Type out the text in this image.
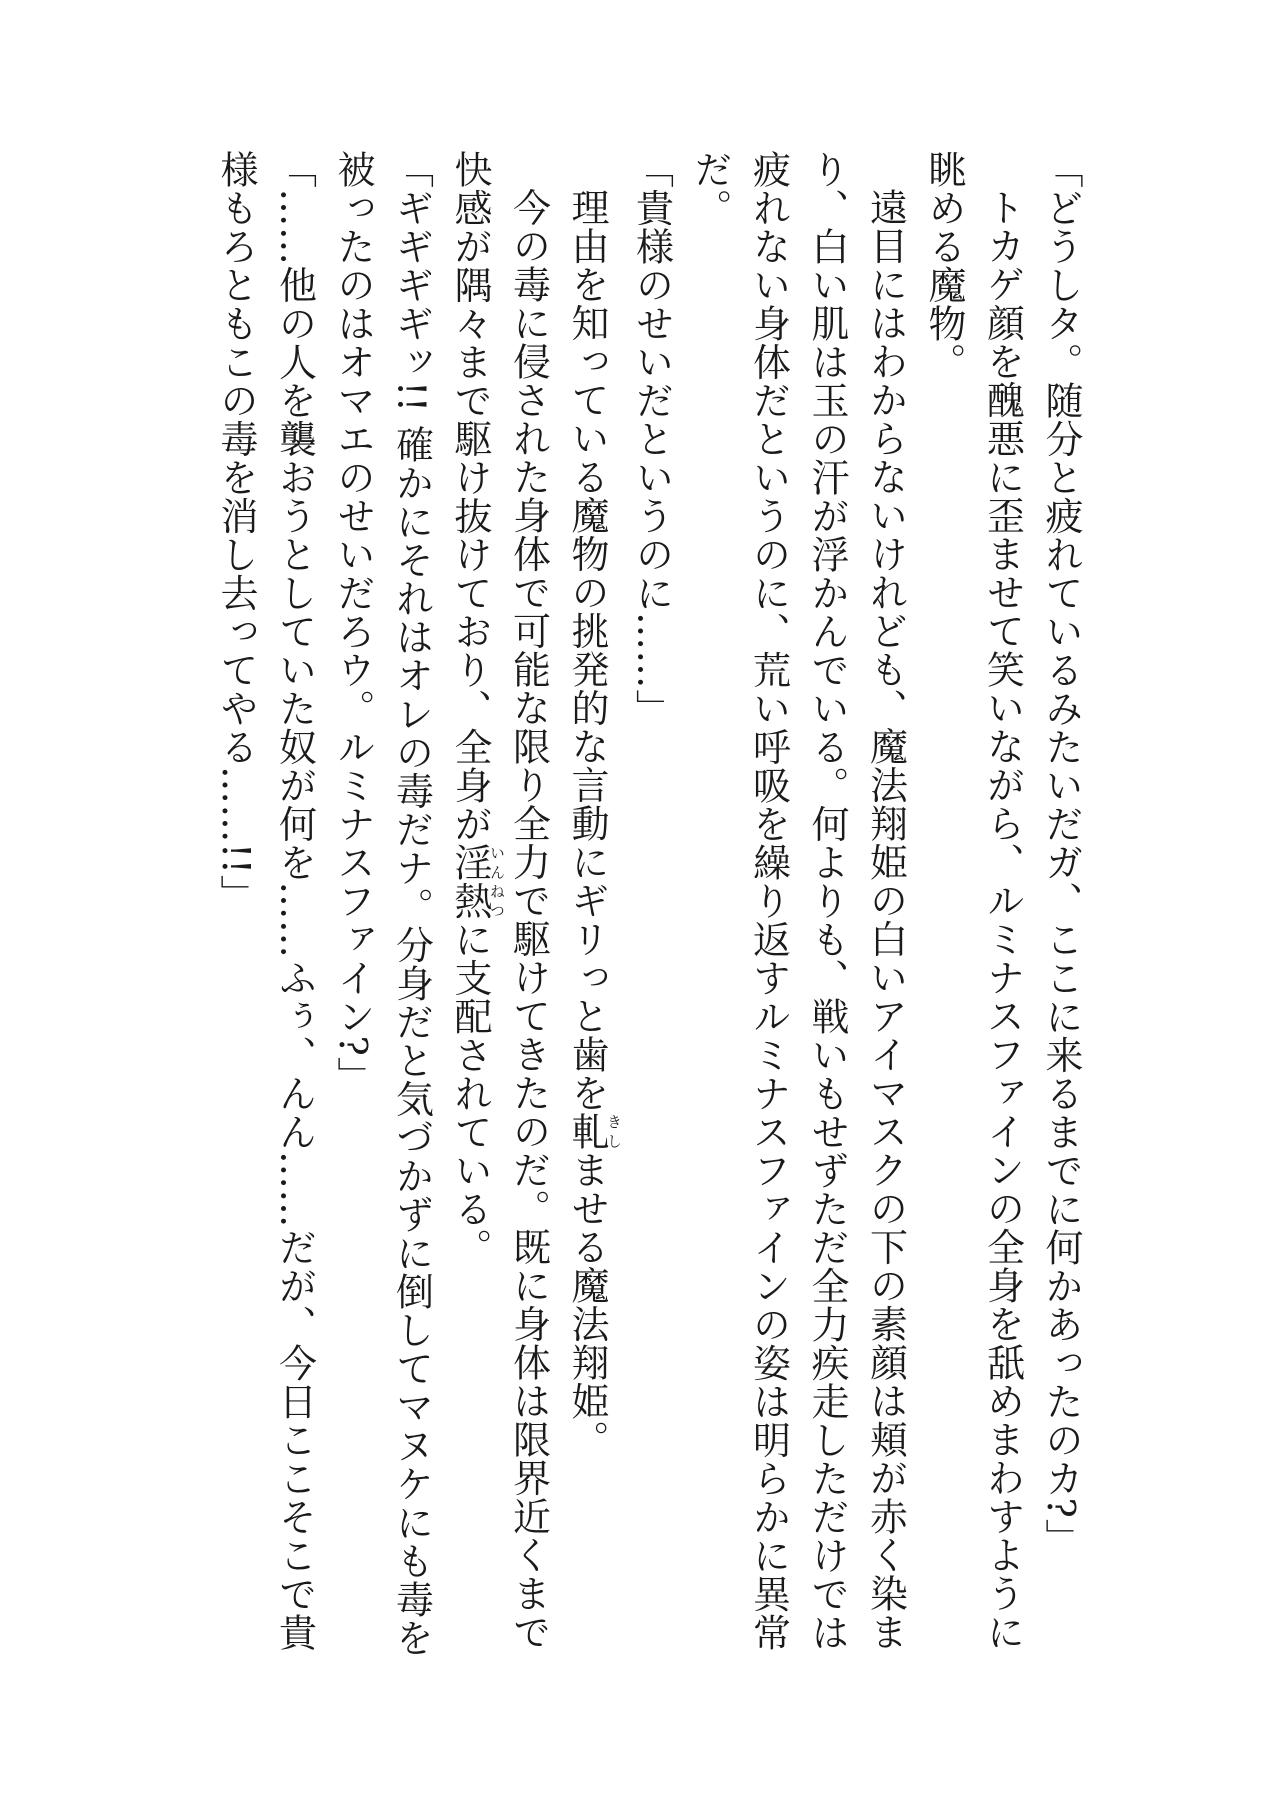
「どうしタ。随分と疲れているみたいだガ、ここに来るまでに何かあったのカ?」

トカゲ顔を醜悪に歪ませて笑いながら、ルミナスファインの全身を舐めまわすように眺める魔物。

遠目にはわからないけれども、魔法翔姫の白いアイマスクの下の素顔は頬が赤く染まり、白い肌は玉の汗が浮かんでいる。何よりも、戦いもせずただ全力疾走しただけでは疲れない身体だというのに、荒い呼吸を繰り返すルミナスファインの姿は明らかに異常だ。

「貴様のせいだというのに……」

理由を知っている魔物の挑発的な言動にギリっと歯を軋きしませる魔法翔姫。

今の毒に侵された身体で可能な限り全力で駆けてきたのだ。既に身体は限界近くまで快感が隅々まで駆け抜けており、全身が淫熱いんねつに支配されている。

「ギギギギッ!! 確かにそれはオレの毒だナ。分身だと気づかずに倒してマヌケにも毒を被ったのはオマエのせいだろウ。ルミナスファイン?」

「……他の人を襲おうとしていた奴が何を……ふぅ、んん……だが、今日ここそこで貴様もろともこの毒を消し去ってやる……!!」
